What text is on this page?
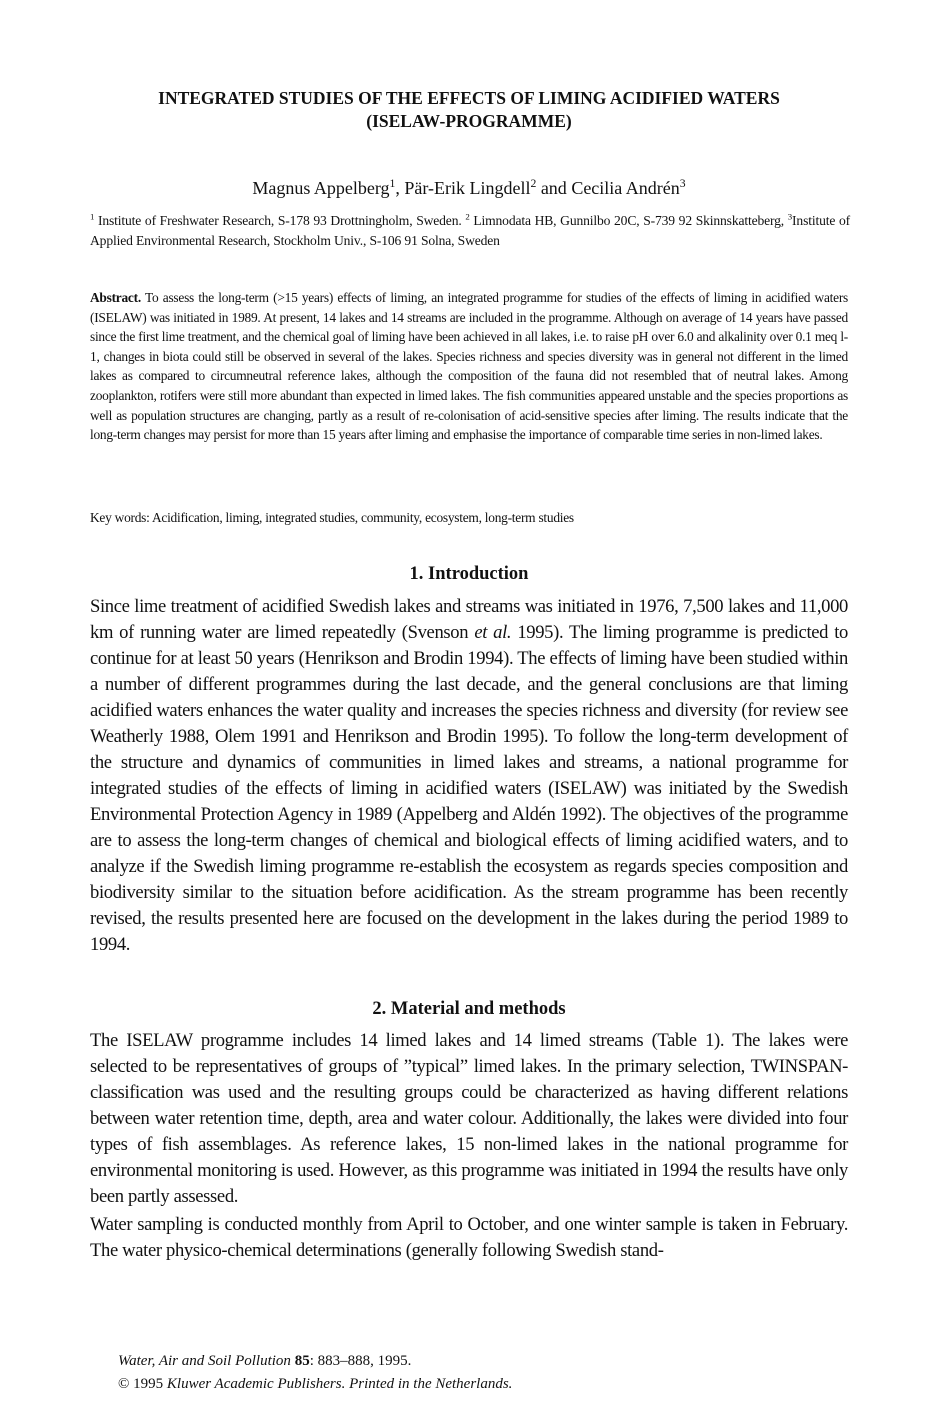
INTEGRATED STUDIES OF THE EFFECTS OF LIMING ACIDIFIED WATERS
(ISELAW-PROGRAMME)
Magnus Appelberg$^1$, Pär-Erik Lingdell$^2$ and Cecilia Andrén$^3$
$^1$ Institute of Freshwater Research, S-178 93 Drottningholm, Sweden. $^2$ Limnodata HB, Gunnilbo 20C, S-739 92 Skinnskatteberg, $^3$Institute of Applied Environmental Research, Stockholm Univ., S-106 91 Solna, Sweden
Abstract. To assess the long-term (>15 years) effects of liming, an integrated programme for studies of the effects of liming in acidified waters (ISELAW) was initiated in 1989. At present, 14 lakes and 14 streams are included in the programme. Although on average of 14 years have passed since the first lime treatment, and the chemical goal of liming have been achieved in all lakes, i.e. to raise pH over 6.0 and alkalinity over 0.1 meq l-1, changes in biota could still be observed in several of the lakes. Species richness and species diversity was in general not different in the limed lakes as compared to circumneutral reference lakes, although the composition of the fauna did not resembled that of neutral lakes. Among zooplankton, rotifers were still more abundant than expected in limed lakes. The fish communities appeared unstable and the species proportions as well as population structures are changing, partly as a result of re-colonisation of acid-sensitive species after liming. The results indicate that the long-term changes may persist for more than 15 years after liming and emphasise the importance of comparable time series in non-limed lakes.
Key words: Acidification, liming, integrated studies, community, ecosystem, long-term studies
1. Introduction

Since lime treatment of acidified Swedish lakes and streams was initiated in 1976, 7,500 lakes and 11,000 km of running water are limed repeatedly (Svenson et al. 1995). The liming programme is predicted to continue for at least 50 years (Henrikson and Brodin 1994). The effects of liming have been studied within a number of different programmes during the last decade, and the general conclusions are that liming acidified waters enhances the water quality and increases the species richness and diversity (for review see Weatherly 1988, Olem 1991 and Henrikson and Brodin 1995). To follow the long-term development of the structure and dynamics of communities in limed lakes and streams, a national programme for integrated studies of the effects of liming in acidified waters (ISELAW) was initiated by the Swedish Environmental Protection Agency in 1989 (Appelberg and Aldén 1992). The objectives of the programme are to assess the long-term changes of chemical and biological effects of liming acidified waters, and to analyze if the Swedish liming programme re-establish the ecosystem as regards species composition and biodiversity similar to the situation before acidification. As the stream programme has been recently revised, the results presented here are focused on the development in the lakes during the period 1989 to 1994.

2. Material and methods

The ISELAW programme includes 14 limed lakes and 14 limed streams (Table 1). The lakes were selected to be representatives of groups of ”typical” limed lakes. In the primary selection, TWINSPAN-classification was used and the resulting groups could be characterized as having different relations between water retention time, depth, area and water colour. Additionally, the lakes were divided into four types of fish assemblages. As reference lakes, 15 non-limed lakes in the national programme for environmental monitoring is used. However, as this programme was initiated in 1994 the results have only been partly assessed.

Water sampling is conducted monthly from April to October, and one winter sample is taken in February. The water physico-chemical determinations (generally following Swedish stand-

Water, Air and Soil Pollution 85: 883–888, 1995.
© 1995 Kluwer Academic Publishers. Printed in the Netherlands.
